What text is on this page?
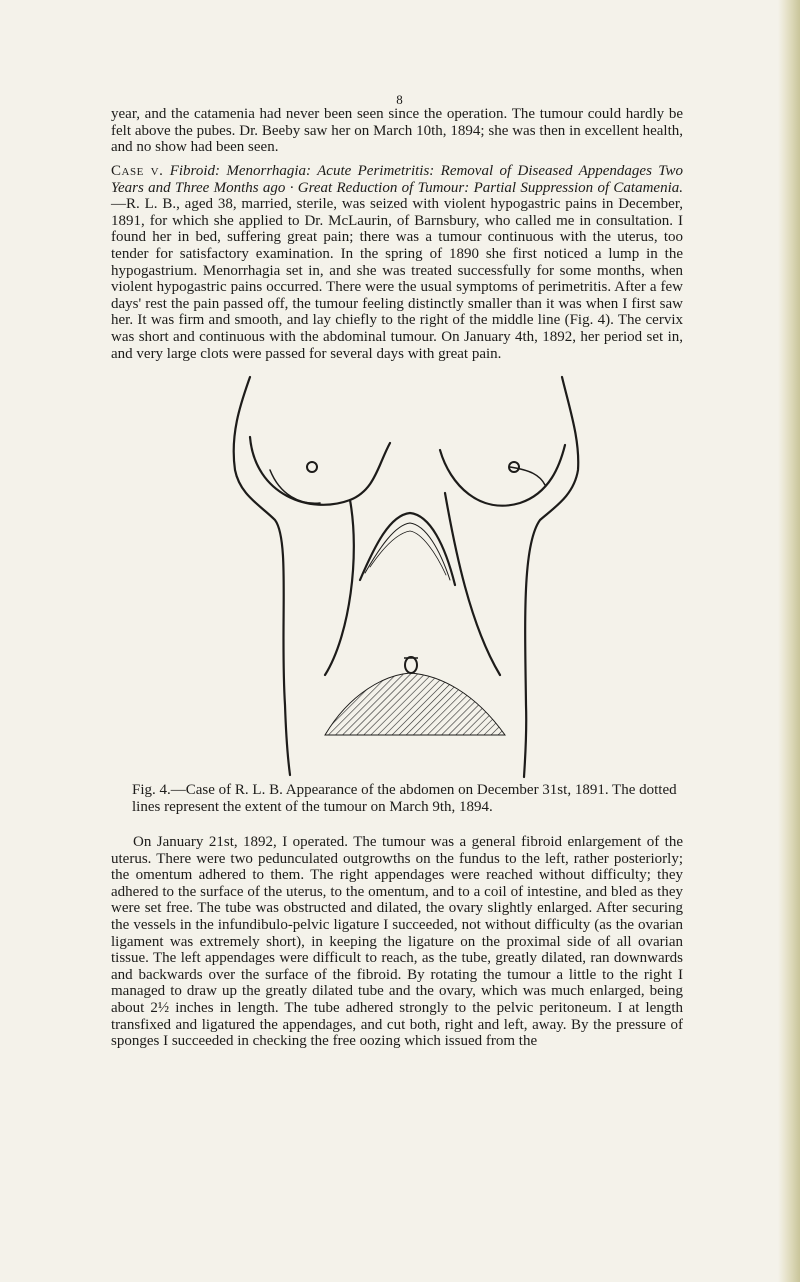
8

year, and the catamenia had never been seen since the operation. The tumour could hardly be felt above the pubes. Dr. Beeby saw her on March 10th, 1894; she was then in excellent health, and no show had been seen.

Case v. Fibroid: Menorrhagia: Acute Perimetritis: Removal of Diseased Appendages Two Years and Three Months ago · Great Reduction of Tumour: Partial Suppression of Catamenia.—R. L. B., aged 38, married, sterile, was seized with violent hypogastric pains in December, 1891, for which she applied to Dr. McLaurin, of Barnsbury, who called me in consultation. I found her in bed, suffering great pain; there was a tumour continuous with the uterus, too tender for satisfactory examination. In the spring of 1890 she first noticed a lump in the hypogastrium. Menorrhagia set in, and she was treated successfully for some months, when violent hypogastric pains occurred. There were the usual symptoms of perimetritis. After a few days' rest the pain passed off, the tumour feeling distinctly smaller than it was when I first saw her. It was firm and smooth, and lay chiefly to the right of the middle line (Fig. 4). The cervix was short and continuous with the abdominal tumour. On January 4th, 1892, her period set in, and very large clots were passed for several days with great pain.

Fig. 4.—Case of R. L. B. Appearance of the abdomen on December 31st, 1891. The dotted lines represent the extent of the tumour on March 9th, 1894.

On January 21st, 1892, I operated. The tumour was a general fibroid enlargement of the uterus. There were two pedunculated outgrowths on the fundus to the left, rather posteriorly; the omentum adhered to them. The right appendages were reached without difficulty; they adhered to the surface of the uterus, to the omentum, and to a coil of intestine, and bled as they were set free. The tube was obstructed and dilated, the ovary slightly enlarged. After securing the vessels in the infundibulo-pelvic ligature I succeeded, not without difficulty (as the ovarian ligament was extremely short), in keeping the ligature on the proximal side of all ovarian tissue. The left appendages were difficult to reach, as the tube, greatly dilated, ran downwards and backwards over the surface of the fibroid. By rotating the tumour a little to the right I managed to draw up the greatly dilated tube and the ovary, which was much enlarged, being about 2½ inches in length. The tube adhered strongly to the pelvic peritoneum. I at length transfixed and ligatured the appendages, and cut both, right and left, away. By the pressure of sponges I succeeded in checking the free oozing which issued from the
